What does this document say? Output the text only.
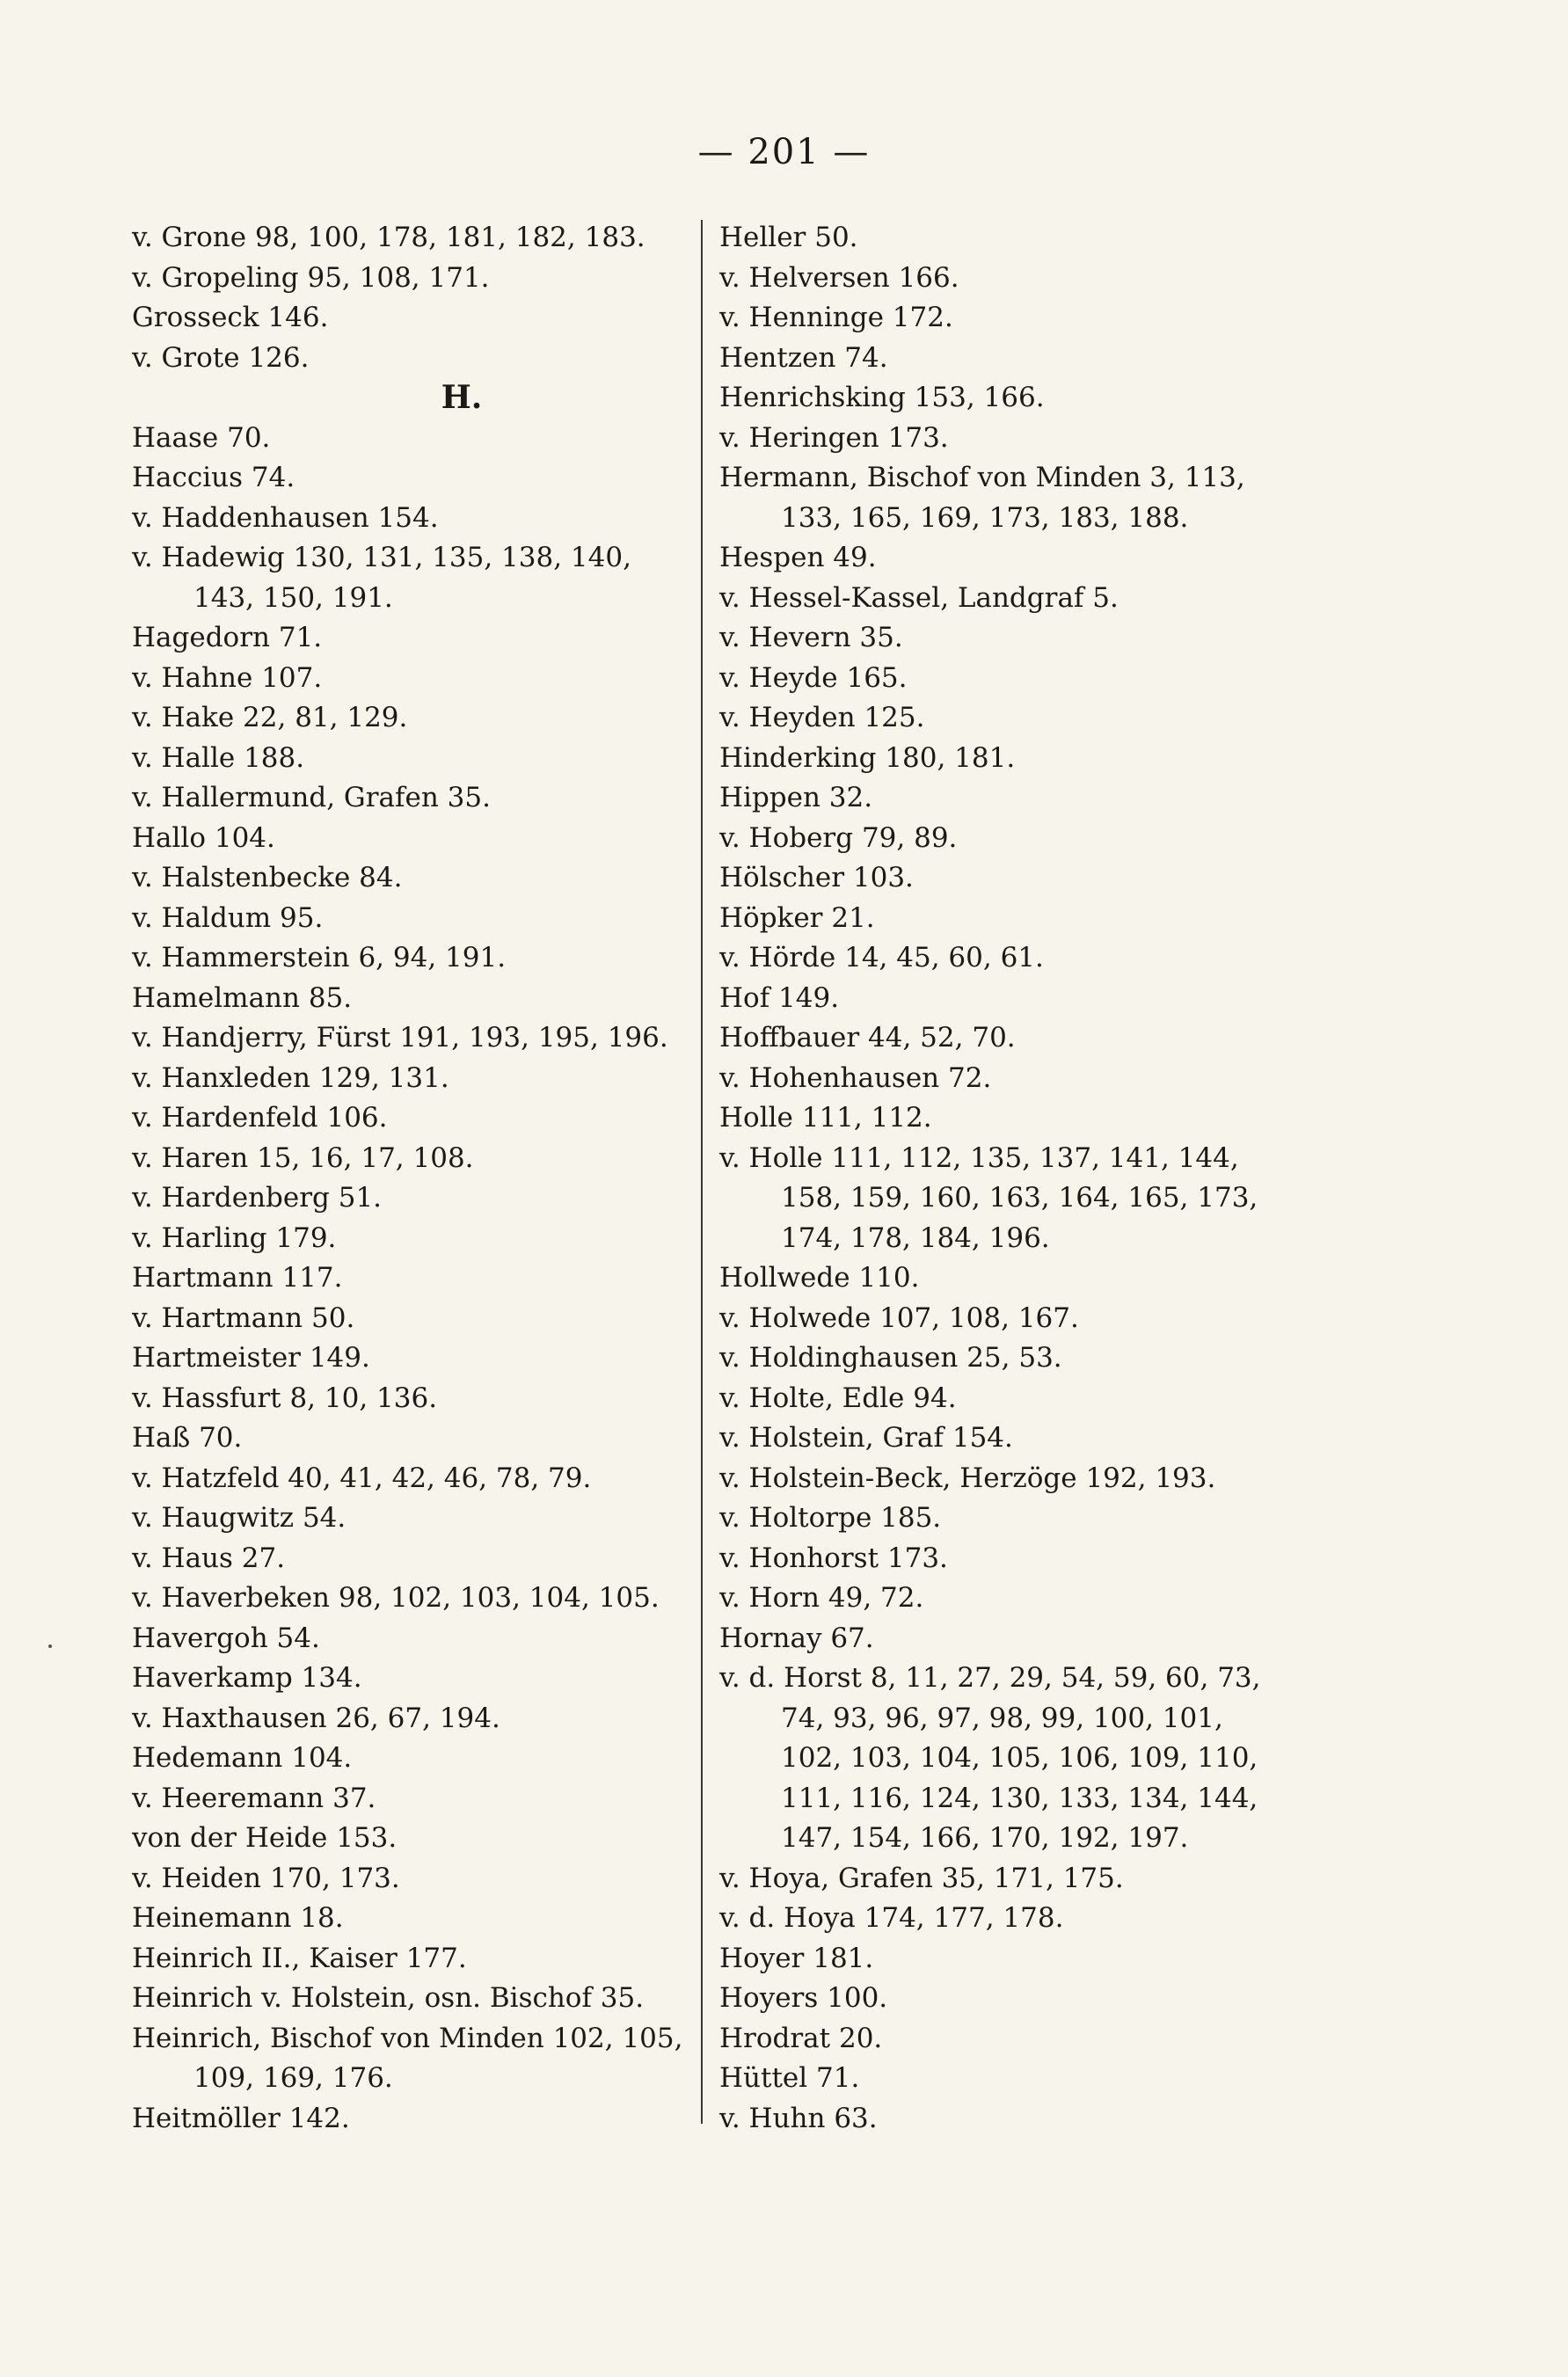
— 201 —
v. Grone 98, 100, 178, 181, 182, 183.
v. Gropeling 95, 108, 171.
Grosseck 146.
v. Grote 126.
H.
Haase 70.
Haccius 74.
v. Haddenhausen 154.
v. Hadewig 130, 131, 135, 138, 140,
143, 150, 191.
Hagedorn 71.
v. Hahne 107.
v. Hake 22, 81, 129.
v. Halle 188.
v. Hallermund, Grafen 35.
Hallo 104.
v. Halstenbecke 84.
v. Haldum 95.
v. Hammerstein 6, 94, 191.
Hamelmann 85.
v. Handjerry, Fürst 191, 193, 195, 196.
v. Hanxleden 129, 131.
v. Hardenfeld 106.
v. Haren 15, 16, 17, 108.
v. Hardenberg 51.
v. Harling 179.
Hartmann 117.
v. Hartmann 50.
Hartmeister 149.
v. Hassfurt 8, 10, 136.
Haß 70.
v. Hatzfeld 40, 41, 42, 46, 78, 79.
v. Haugwitz 54.
v. Haus 27.
v. Haverbeken 98, 102, 103, 104, 105.
Havergoh 54.
Haverkamp 134.
v. Haxthausen 26, 67, 194.
Hedemann 104.
v. Heeremann 37.
von der Heide 153.
v. Heiden 170, 173.
Heinemann 18.
Heinrich II., Kaiser 177.
Heinrich v. Holstein, osn. Bischof 35.
Heinrich, Bischof von Minden 102, 105,
109, 169, 176.
Heitmöller 142.
Heller 50.
v. Helversen 166.
v. Henninge 172.
Hentzen 74.
Henrichsking 153, 166.
v. Heringen 173.
Hermann, Bischof von Minden 3, 113,
133, 165, 169, 173, 183, 188.
Hespen 49.
v. Hessel-Kassel, Landgraf 5.
v. Hevern 35.
v. Heyde 165.
v. Heyden 125.
Hinderking 180, 181.
Hippen 32.
v. Hoberg 79, 89.
Hölscher 103.
Höpker 21.
v. Hörde 14, 45, 60, 61.
Hof 149.
Hoffbauer 44, 52, 70.
v. Hohenhausen 72.
Holle 111, 112.
v. Holle 111, 112, 135, 137, 141, 144,
158, 159, 160, 163, 164, 165, 173,
174, 178, 184, 196.
Hollwede 110.
v. Holwede 107, 108, 167.
v. Holdinghausen 25, 53.
v. Holte, Edle 94.
v. Holstein, Graf 154.
v. Holstein-Beck, Herzöge 192, 193.
v. Holtorpe 185.
v. Honhorst 173.
v. Horn 49, 72.
Hornay 67.
v. d. Horst 8, 11, 27, 29, 54, 59, 60, 73,
74, 93, 96, 97, 98, 99, 100, 101,
102, 103, 104, 105, 106, 109, 110,
111, 116, 124, 130, 133, 134, 144,
147, 154, 166, 170, 192, 197.
v. Hoya, Grafen 35, 171, 175.
v. d. Hoya 174, 177, 178.
Hoyer 181.
Hoyers 100.
Hrodrat 20.
Hüttel 71.
v. Huhn 63.
